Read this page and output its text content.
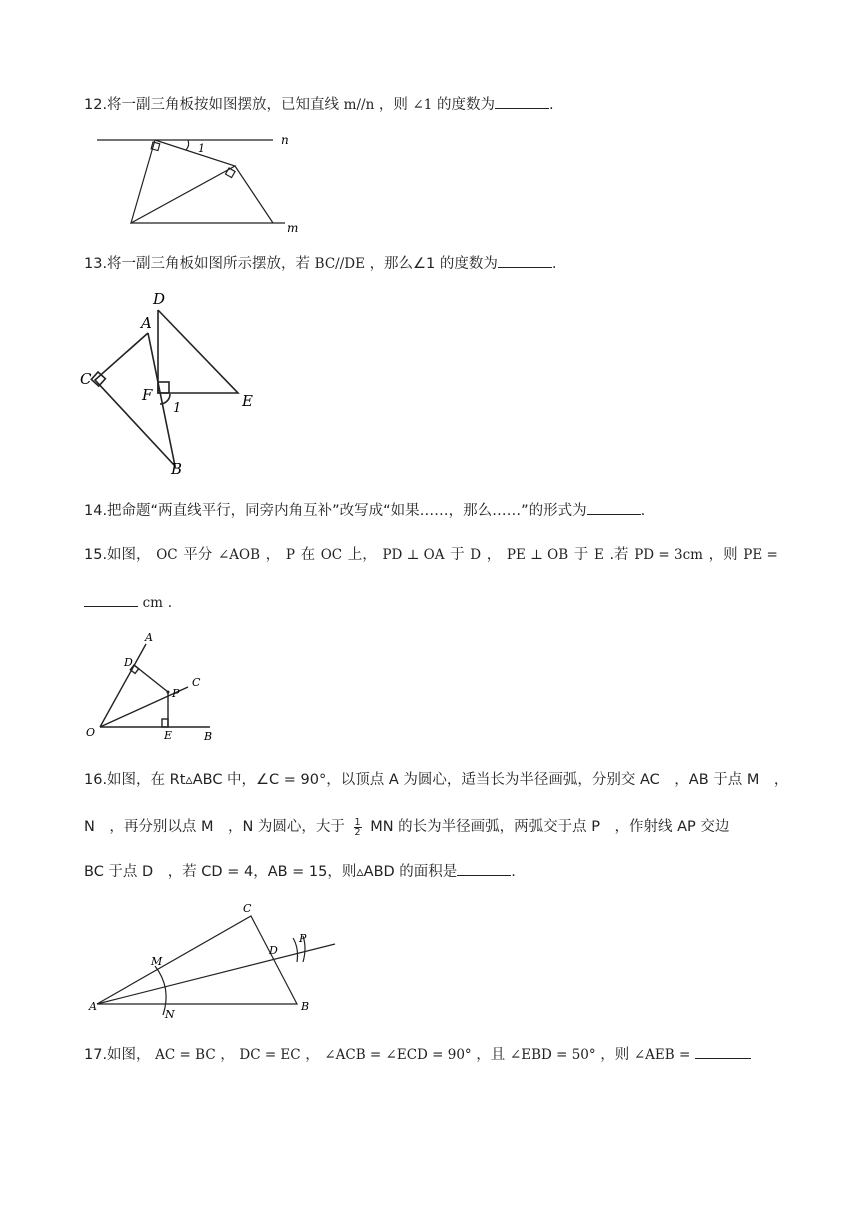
12.将一副三角板按如图摆放，已知直线 m//n ，则 ∠1 的度数为	.
n
m
1
13.将一副三角板如图所示摆放，若 BC//DE ，那么∠1 的度数为	.
D
A
C
F	E
1
B
14.把命题“两直线平行，同旁内角互补”改写成“如果……，那么……”的形式为	.
15.如图， OC 平分 ∠AOB ， P 在 OC 上， PD ⊥ OA 于 D ， PE ⊥ OB 于 E .若 PD = 3cm ，则 PE =
cm .
A
D
P
C
O	E	B
16.如图，在 Rt▵ABC 中，∠C = 90°，以顶点 A 为圆心，适当长为半径画弧，分别交 AC　，AB 于点 M　，
N　，再分别以点 M　，N 为圆心，大于 $\frac{1}{2}$ MN 的长为半径画弧，两弧交于点 P　，作射线 AP 交边
BC 于点 D　，若 CD = 4，AB = 15，则▵ABD 的面积是	.
A
C
D
P
M
N
B
17.如图， AC = BC ， DC = EC ， ∠ACB = ∠ECD = 90° ，且 ∠EBD = 50° ，则 ∠AEB =
